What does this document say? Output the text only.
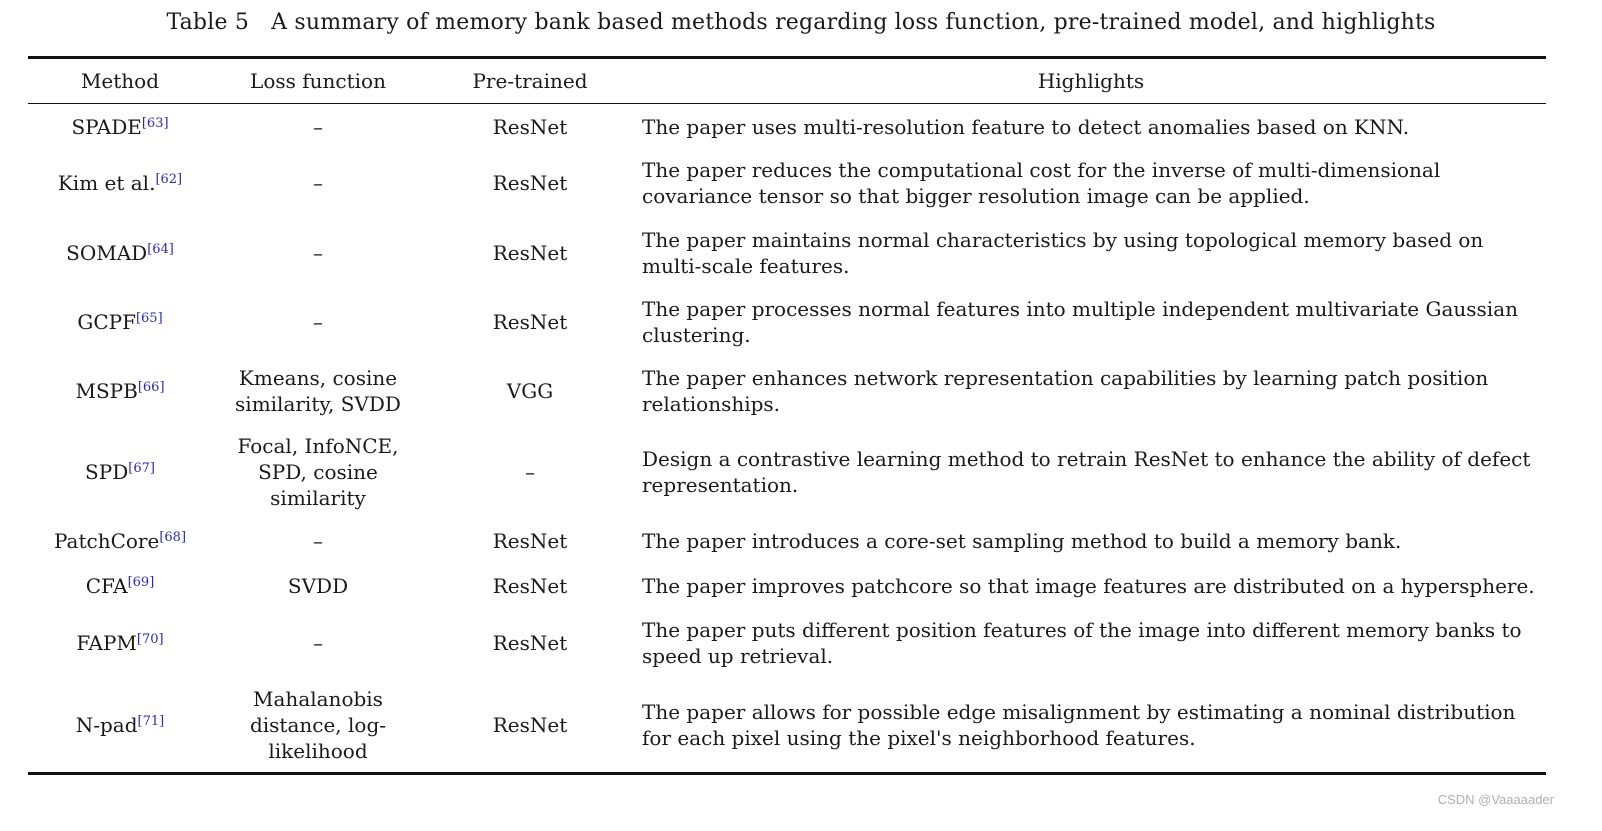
Table 5 A summary of memory bank based methods regarding loss function, pre-trained model, and highlights
Method	Loss function	Pre-trained	Highlights
SPADE[63]	–	ResNet	The paper uses multi-resolution feature to detect anomalies based on KNN.
Kim et al.[62]	–	ResNet	The paper reduces the computational cost for the inverse of multi-dimensional covariance tensor so that bigger resolution image can be applied.
SOMAD[64]	–	ResNet	The paper maintains normal characteristics by using topological memory based on multi-scale features.
GCPF[65]	–	ResNet	The paper processes normal features into multiple independent multivariate Gaussian clustering.
MSPB[66]	Kmeans, cosine similarity, SVDD	VGG	The paper enhances network representation capabilities by learning patch position relationships.
SPD[67]	Focal, InfoNCE, SPD, cosine similarity	–	Design a contrastive learning method to retrain ResNet to enhance the ability of defect representation.
PatchCore[68]	–	ResNet	The paper introduces a core-set sampling method to build a memory bank.
CFA[69]	SVDD	ResNet	The paper improves patchcore so that image features are distributed on a hypersphere.
FAPM[70]	–	ResNet	The paper puts different position features of the image into different memory banks to speed up retrieval.
N-pad[71]	Mahalanobis distance, log-likelihood	ResNet	The paper allows for possible edge misalignment by estimating a nominal distribution for each pixel using the pixel's neighborhood features.
CSDN @Vaaaaader
